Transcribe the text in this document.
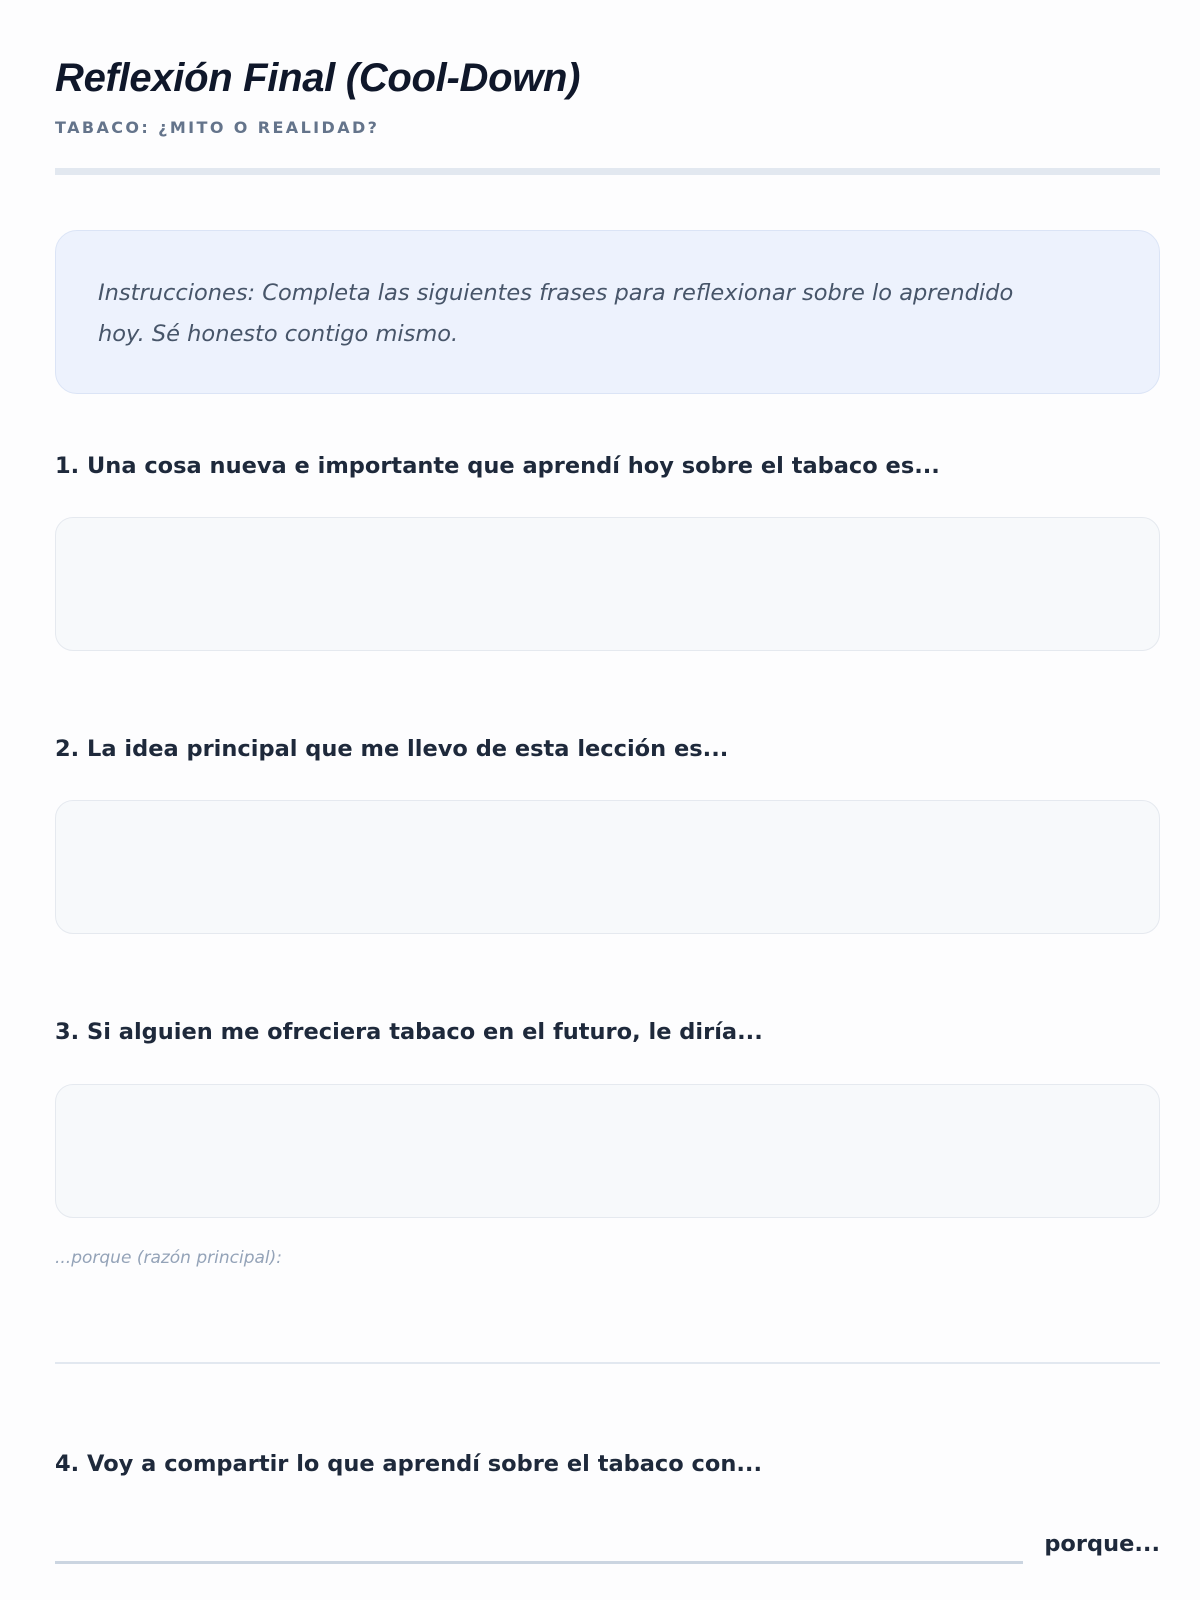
Reflexión Final (Cool-Down)
TABACO: ¿MITO O REALIDAD?

Instrucciones: Completa las siguientes frases para reflexionar sobre lo aprendido

hoy. Sé honesto contigo mismo.

1. Una cosa nueva e importante que aprendí hoy sobre el tabaco es...
2. La idea principal que me llevo de esta lección es...
3. Si alguien me ofreciera tabaco en el futuro, le diría...
...porque (razón principal):
4. Voy a compartir lo que aprendí sobre el tabaco con...
porque...
